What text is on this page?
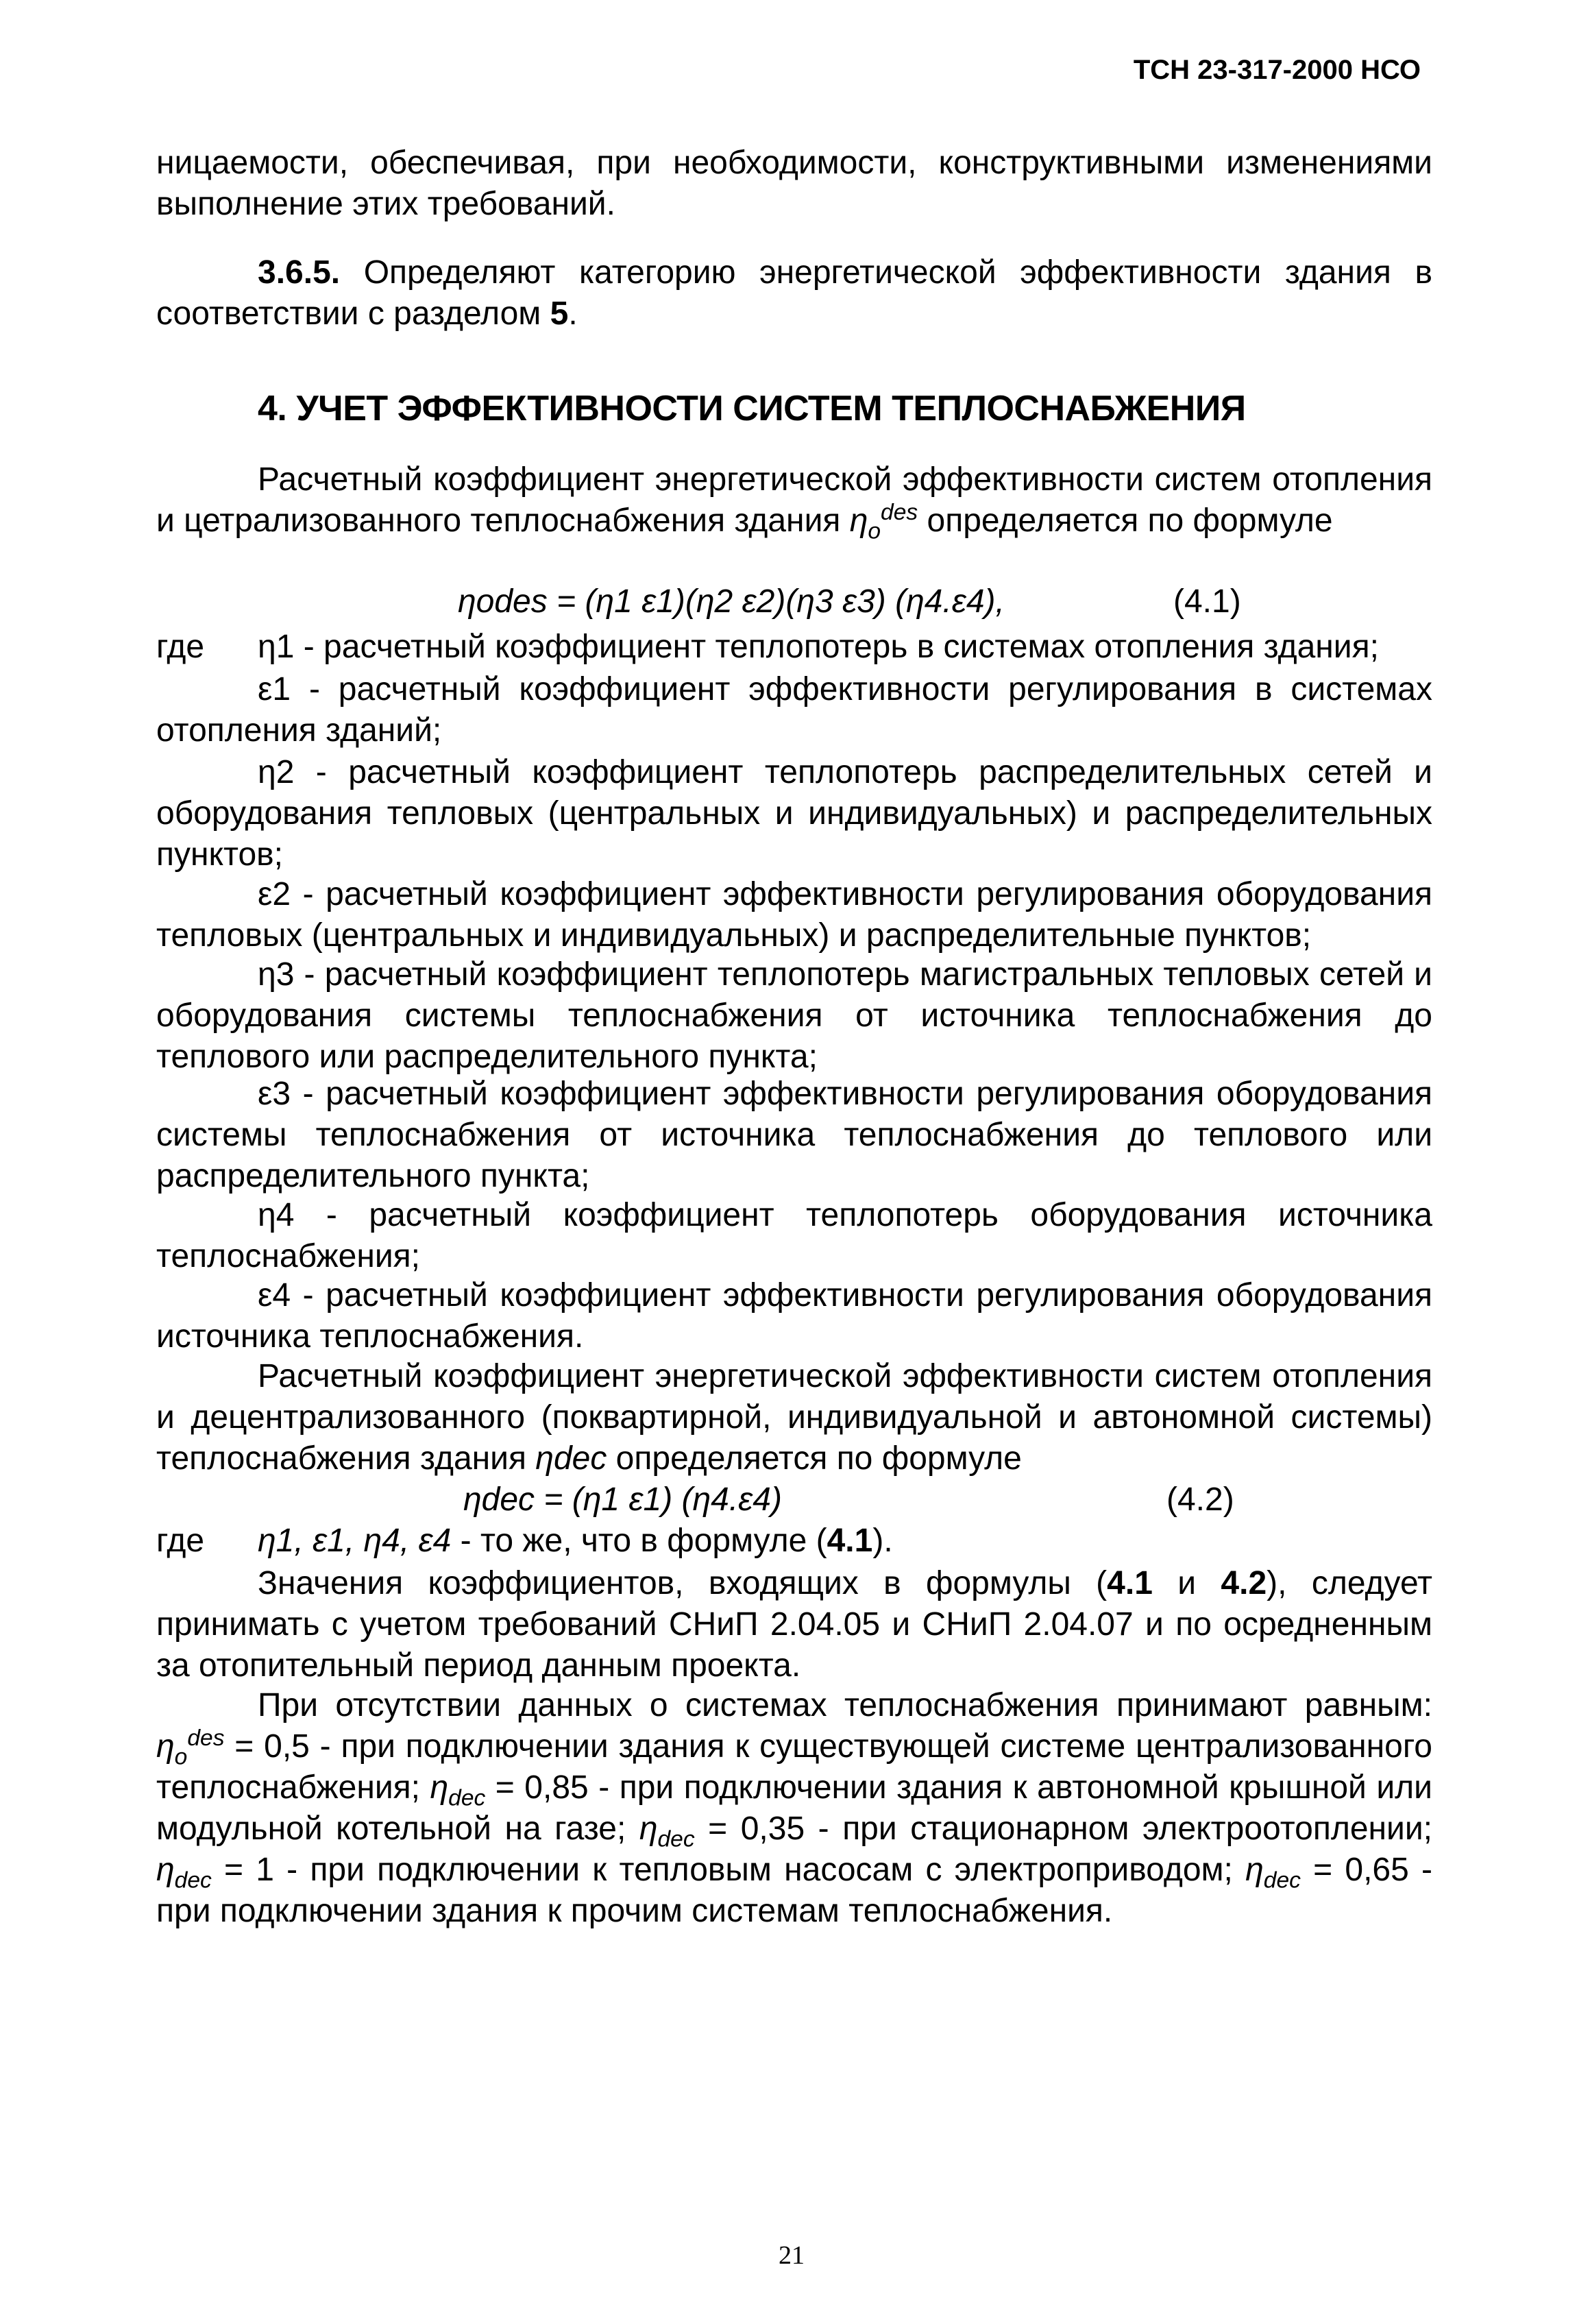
ТСН 23-317-2000 НСО
ницаемости, обеспечивая, при необходимости, конструктивными изменениями выполнение этих требований.
3.6.5. Определяют категорию энергетической эффективности здания в соответствии с разделом 5.
4. УЧЕТ ЭФФЕКТИВНОСТИ СИСТЕМ ТЕПЛОСНАБЖЕНИЯ
Расчетный коэффициент энергетической эффективности систем отопления и цетрализованного теплоснабжения здания $\eta_o^{des}$ определяется по формуле
ηodes = (η1 ε1)(η2 ε2)(η3 ε3) (η4.ε4),	(4.1)
где η1 - расчетный коэффициент теплопотерь в системах отопления здания;
ε1 - расчетный коэффициент эффективности регулирования в системах отопления зданий;
η2 - расчетный коэффициент теплопотерь распределительных сетей и оборудования тепловых (центральных и индивидуальных) и распределительных пунктов;
ε2 - расчетный коэффициент эффективности регулирования оборудования тепловых (центральных и индивидуальных) и распределительные пунктов;
η3 - расчетный коэффициент теплопотерь магистральных тепловых сетей и оборудования системы теплоснабжения от источника теплоснабжения до теплового или распределительного пункта;
ε3 - расчетный коэффициент эффективности регулирования оборудования системы теплоснабжения от источника теплоснабжения до теплового или распределительного пункта;
η4 - расчетный коэффициент теплопотерь оборудования источника теплоснабжения;
ε4 - расчетный коэффициент эффективности регулирования оборудования источника теплоснабжения.
Расчетный коэффициент энергетической эффективности систем отопления и децентрализованного (поквартирной, индивидуальной и автономной системы) теплоснабжения здания ηdec определяется по формуле
ηdec = (η1 ε1) (η4.ε4)	(4.2)
где η1, ε1, η4, ε4 - то же, что в формуле (4.1).
Значения коэффициентов, входящих в формулы (4.1 и 4.2), следует принимать с учетом требований СНиП 2.04.05 и СНиП 2.04.07 и по осредненным за отопительный период данным проекта.
При отсутствии данных о системах теплоснабжения принимают равным: $\eta_o^{des} = 0,5$ - при подключении здания к существующей системе централизованного теплоснабжения; $\eta_{dec} = 0,85$ - при подключении здания к автономной крышной или модульной котельной на газе; $\eta_{dec} = 0,35$ - при стационарном электроотоплении; $\eta_{dec} = 1$ - при подключении к тепловым насосам с электроприводом; $\eta_{dec} = 0,65$ - при подключении здания к прочим системам теплоснабжения.
21
